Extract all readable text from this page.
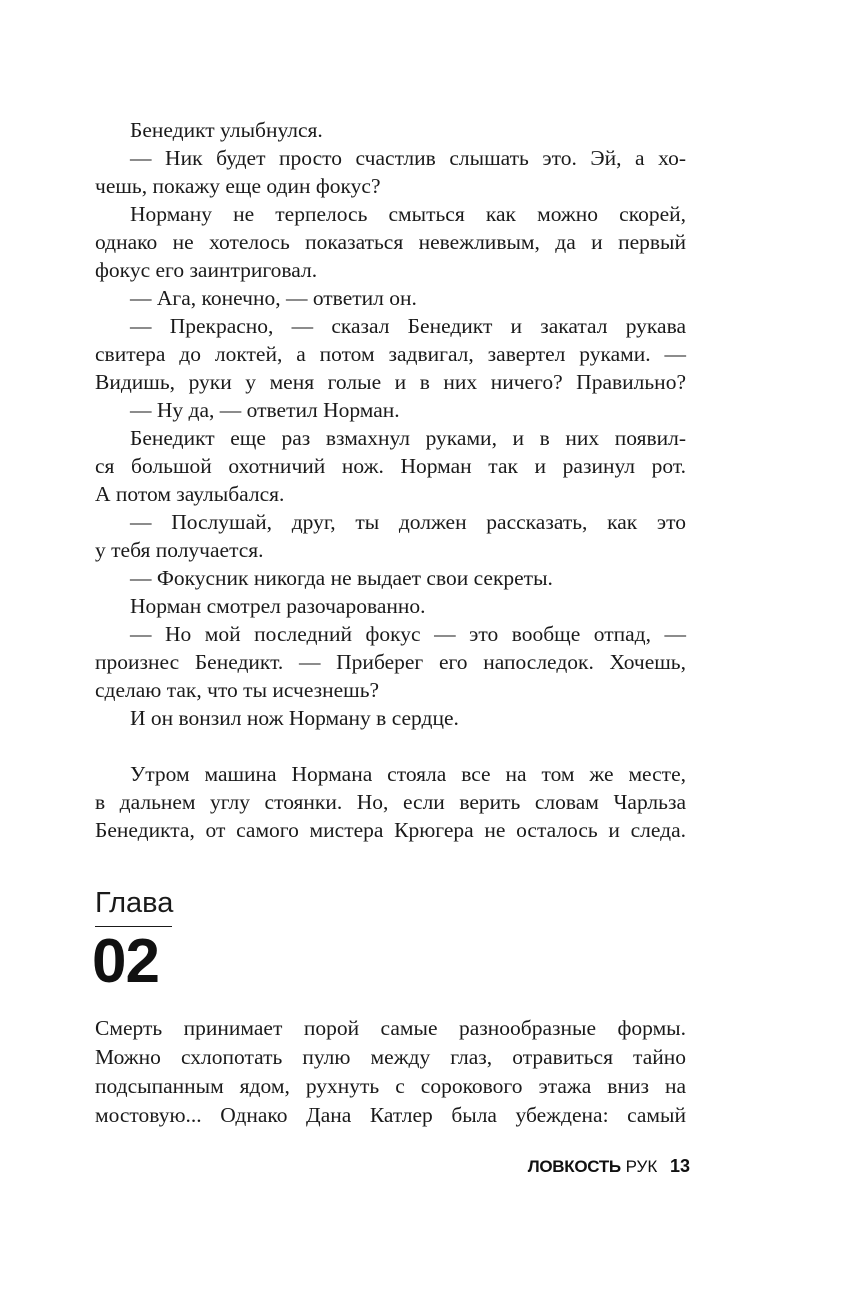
Бенедикт улыбнулся.
— Ник будет просто счастлив слышать это. Эй, а хо-
чешь, покажу еще один фокус?
Норману не терпелось смыться как можно скорей,
однако не хотелось показаться невежливым, да и первый
фокус его заинтриговал.
— Ага, конечно, — ответил он.
— Прекрасно, — сказал Бенедикт и закатал рукава
свитера до локтей, а потом задвигал, завертел руками. —
Видишь, руки у меня голые и в них ничего? Правильно?
— Ну да, — ответил Норман.
Бенедикт еще раз взмахнул руками, и в них появил-
ся большой охотничий нож. Норман так и разинул рот.
А потом заулыбался.
— Послушай, друг, ты должен рассказать, как это
у тебя получается.
— Фокусник никогда не выдает свои секреты.
Норман смотрел разочарованно.
— Но мой последний фокус — это вообще отпад, —
произнес Бенедикт. — Приберег его напоследок. Хочешь,
сделаю так, что ты исчезнешь?
И он вонзил нож Норману в сердце.
Утром машина Нормана стояла все на том же месте,
в дальнем углу стоянки. Но, если верить словам Чарльза
Бенедикта, от самого мистера Крюгера не осталось и следа.
Глава
02
Смерть принимает порой самые разнообразные формы.
Можно схлопотать пулю между глаз, отравиться тайно
подсыпанным ядом, рухнуть с сорокового этажа вниз на
мостовую... Однако Дана Катлер была убеждена: самый
ЛОВКОСТЬ РУК 13
